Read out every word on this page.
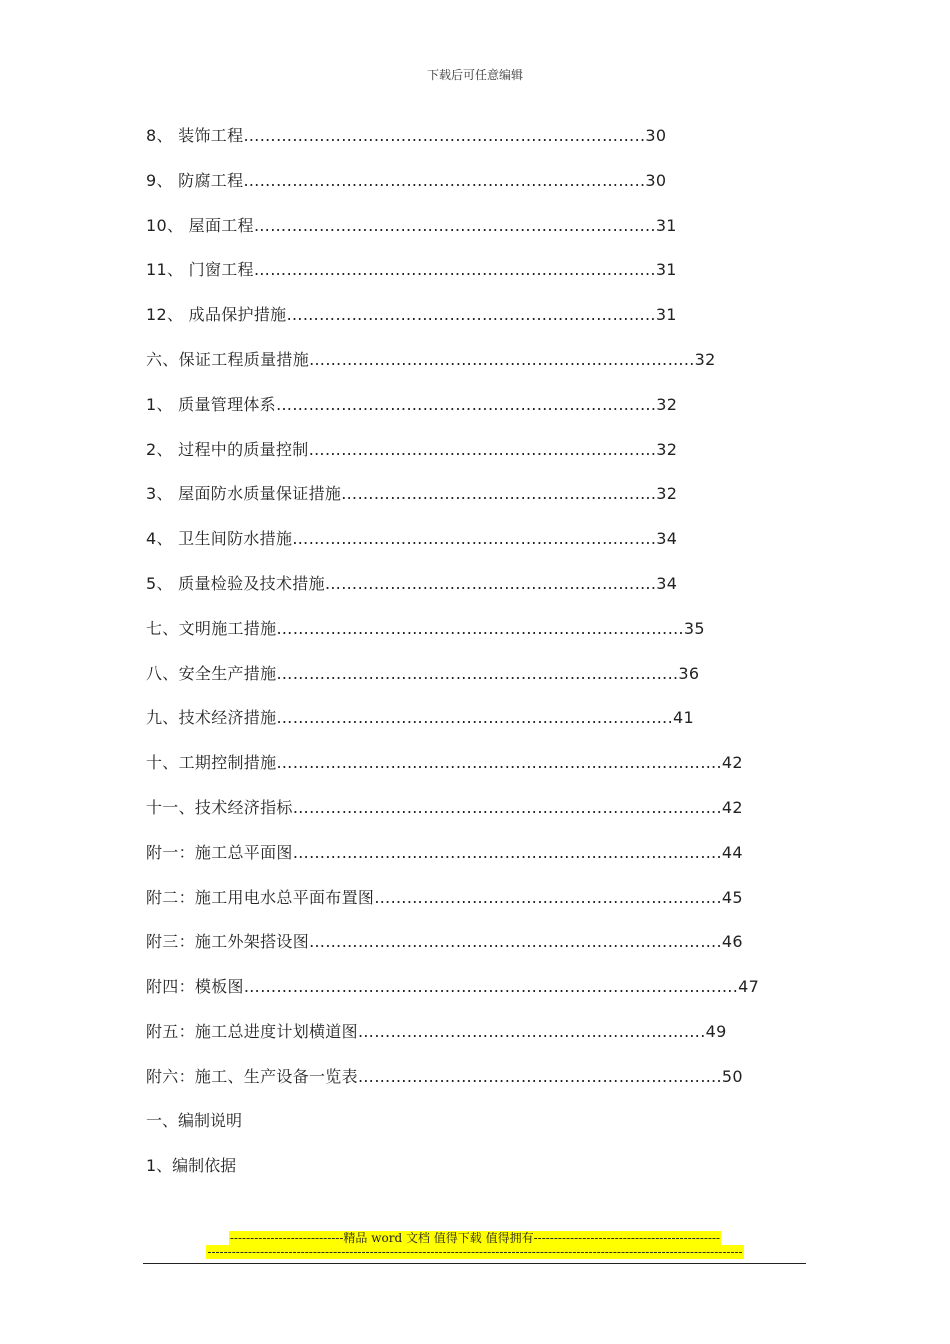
下载后可任意编辑
8、 装饰工程………………………………………………………………..30
9、 防腐工程………………………………………………………………..30
10、 屋面工程………………………………………………………………..31
11、 门窗工程………………………………………………………………..31
12、 成品保护措施…………………………………………………………..31
六、保证工程质量措施……………………………………………………………..32
1、 质量管理体系…………………………………………………………….32
2、 过程中的质量控制……………………………………………………….32
3、 屋面防水质量保证措施………………………………………………….32
4、 卫生间防水措施………………………………………………………….34
5、 质量检验及技术措施…………………………………………………….34
七、文明施工措施…………………………………………………………………35
八、安全生产措施………………………………………………………………..36
九、技术经济措施……………………………………………………………….41
十、工期控制措施……………………………………………………………………….42
十一、技术经济指标…………………………………………………………………….42
附一：施工总平面图…………………………………………………………………….44
附二：施工用电水总平面布置图……………………………………………………….45
附三：施工外架搭设图………………………………………………………………….46
附四：模板图……………………………………………………………………………….47
附五：施工总进度计划横道图……………………………………………………….49
附六：施工、生产设备一览表………………………………………………………….50
一、编制说明
1、编制依据
----------------------------精品 word 文档 值得下载 值得拥有----------------------------------------------
------------------------------------------------------------------------------------------------------------------------------------
